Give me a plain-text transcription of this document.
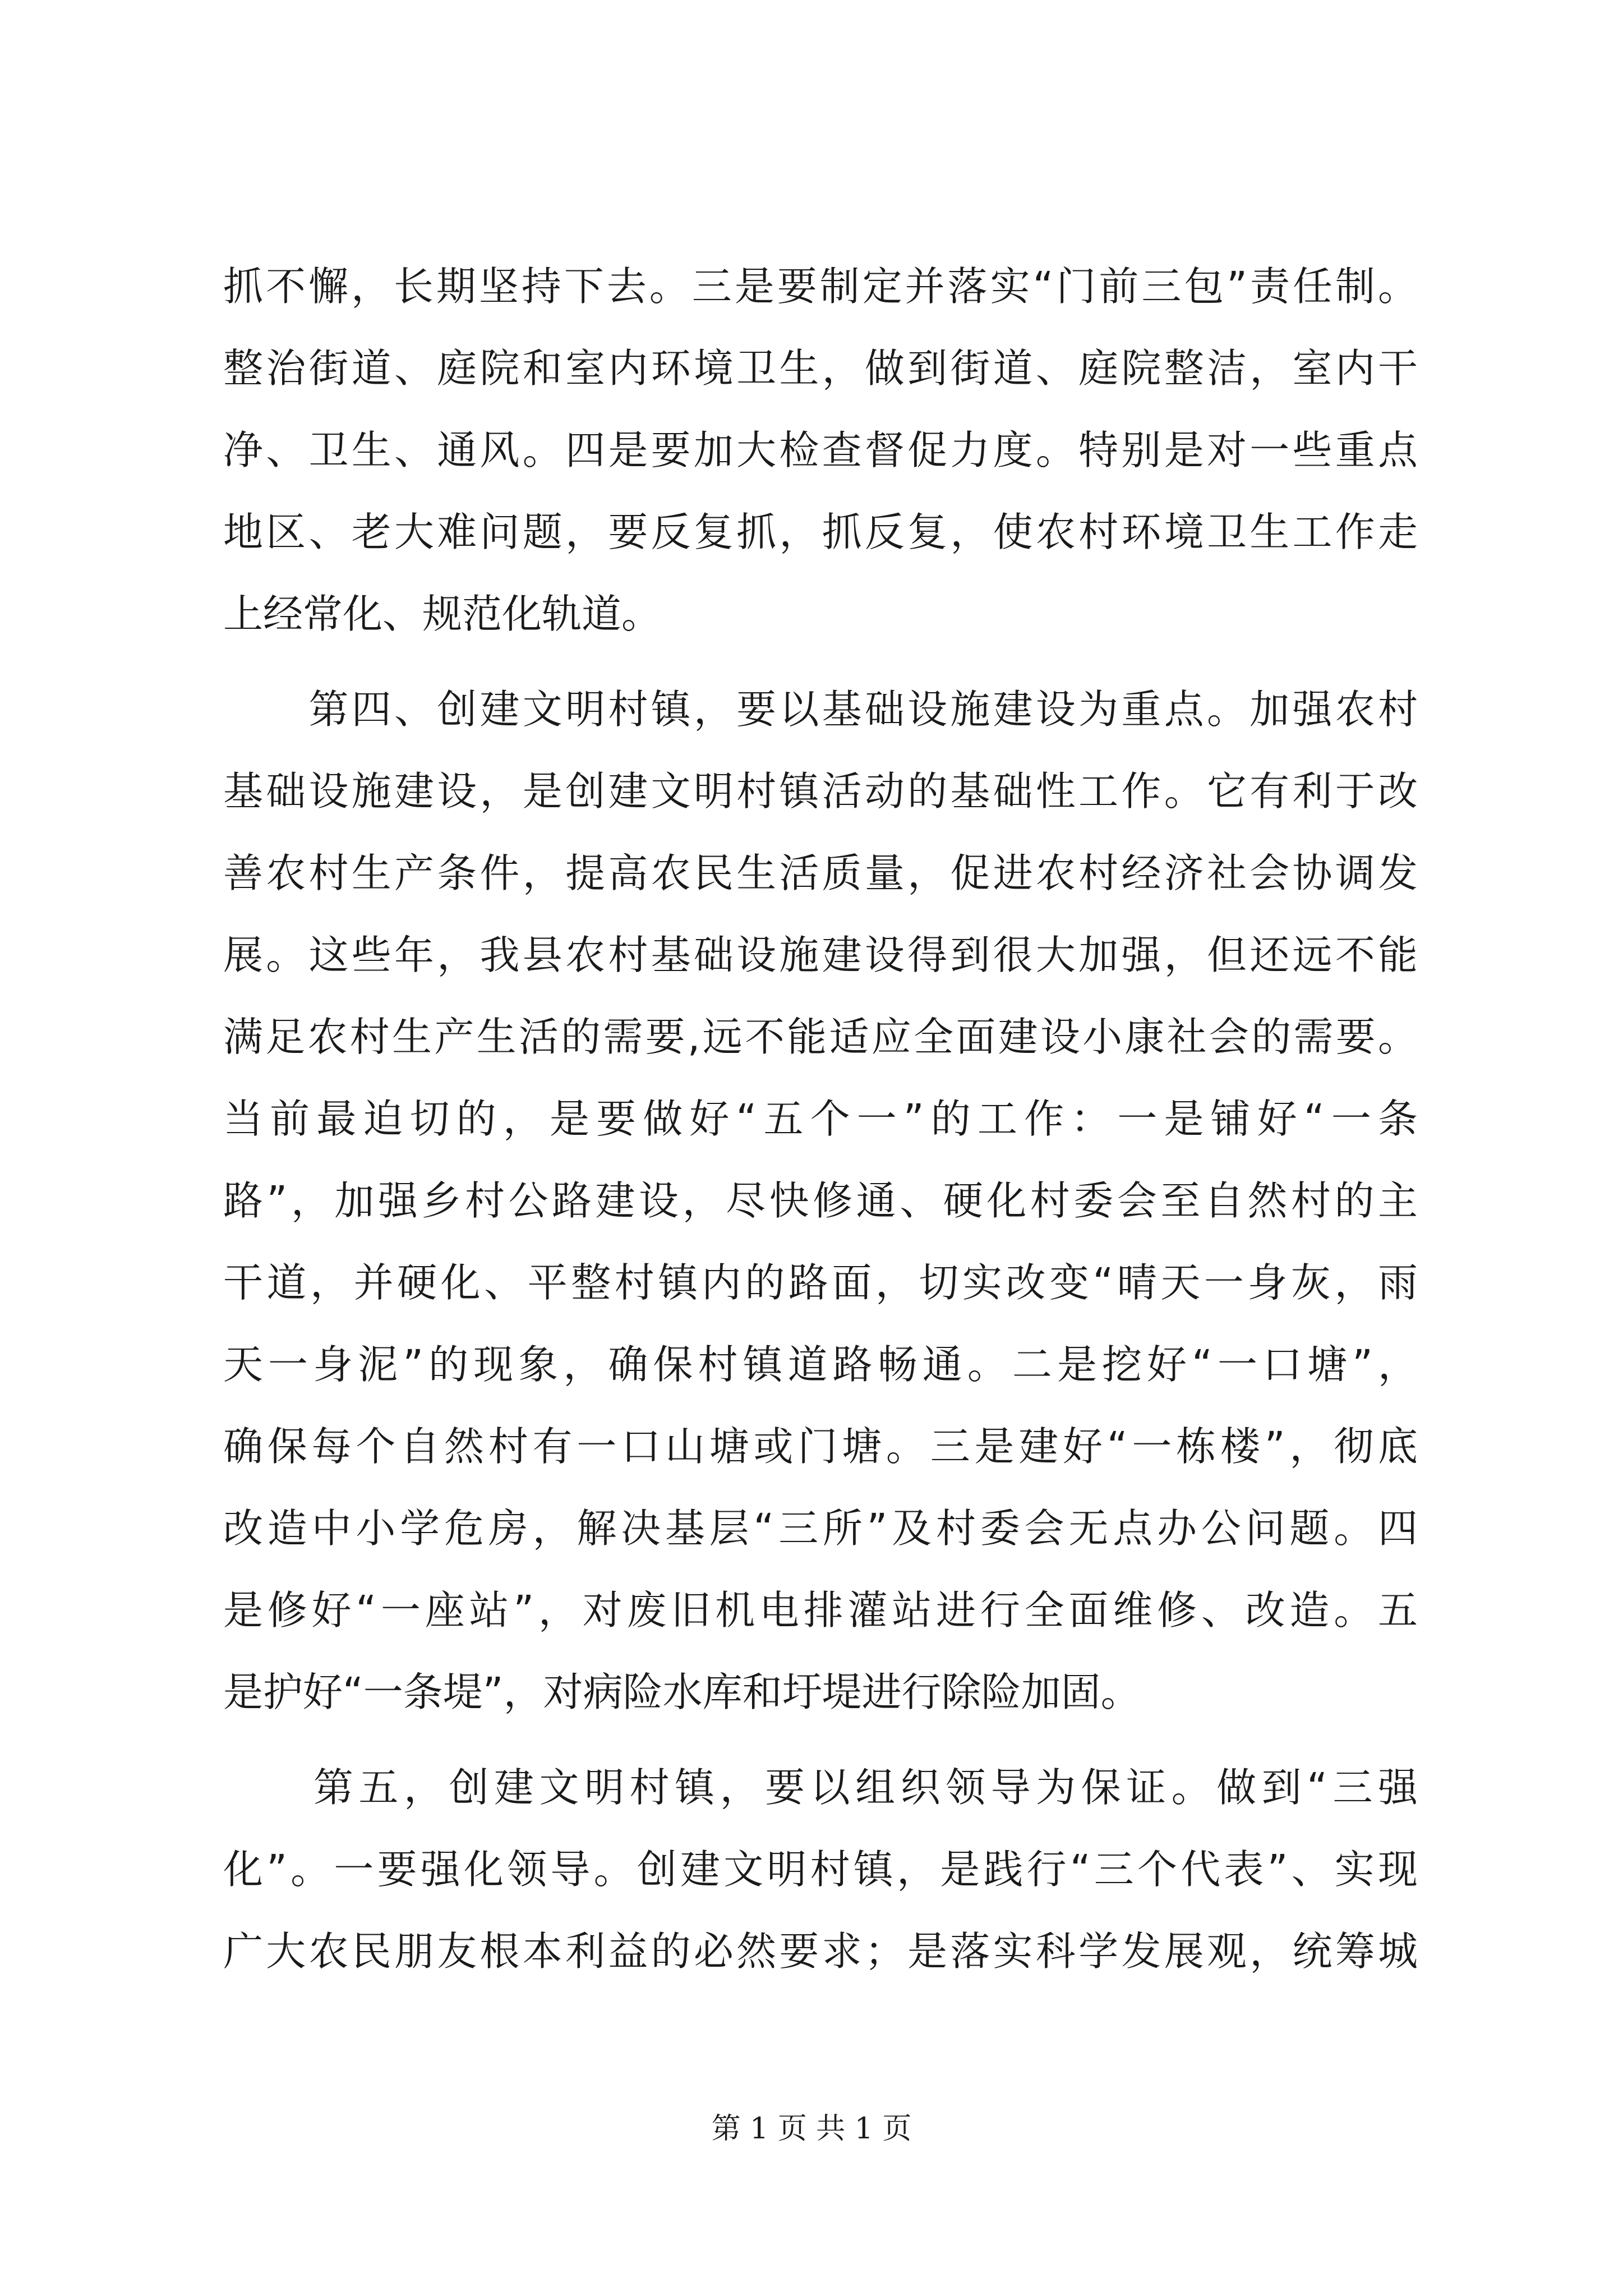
抓不懈，长期坚持下去。三是要制定并落实“门前三包”责任制。
整治街道、庭院和室内环境卫生，做到街道、庭院整洁，室内干
净、卫生、通风。四是要加大检查督促力度。特别是对一些重点
地区、老大难问题，要反复抓，抓反复，使农村环境卫生工作走
上经常化、规范化轨道。
　　第四、创建文明村镇，要以基础设施建设为重点。加强农村
基础设施建设，是创建文明村镇活动的基础性工作。它有利于改
善农村生产条件，提高农民生活质量，促进农村经济社会协调发
展。这些年，我县农村基础设施建设得到很大加强，但还远不能
满足农村生产生活的需要,远不能适应全面建设小康社会的需要。
当前最迫切的，是要做好“五个一”的工作：一是铺好“一条
路”，加强乡村公路建设，尽快修通、硬化村委会至自然村的主
干道，并硬化、平整村镇内的路面，切实改变“晴天一身灰，雨
天一身泥”的现象，确保村镇道路畅通。二是挖好“一口塘”，
确保每个自然村有一口山塘或门塘。三是建好“一栋楼”，彻底
改造中小学危房，解决基层“三所”及村委会无点办公问题。四
是修好“一座站”，对废旧机电排灌站进行全面维修、改造。五
是护好“一条堤”，对病险水库和圩堤进行除险加固。
　　第五，创建文明村镇，要以组织领导为保证。做到“三强
化”。一要强化领导。创建文明村镇，是践行“三个代表”、实现
广大农民朋友根本利益的必然要求；是落实科学发展观，统筹城
第 1 页 共 1 页
